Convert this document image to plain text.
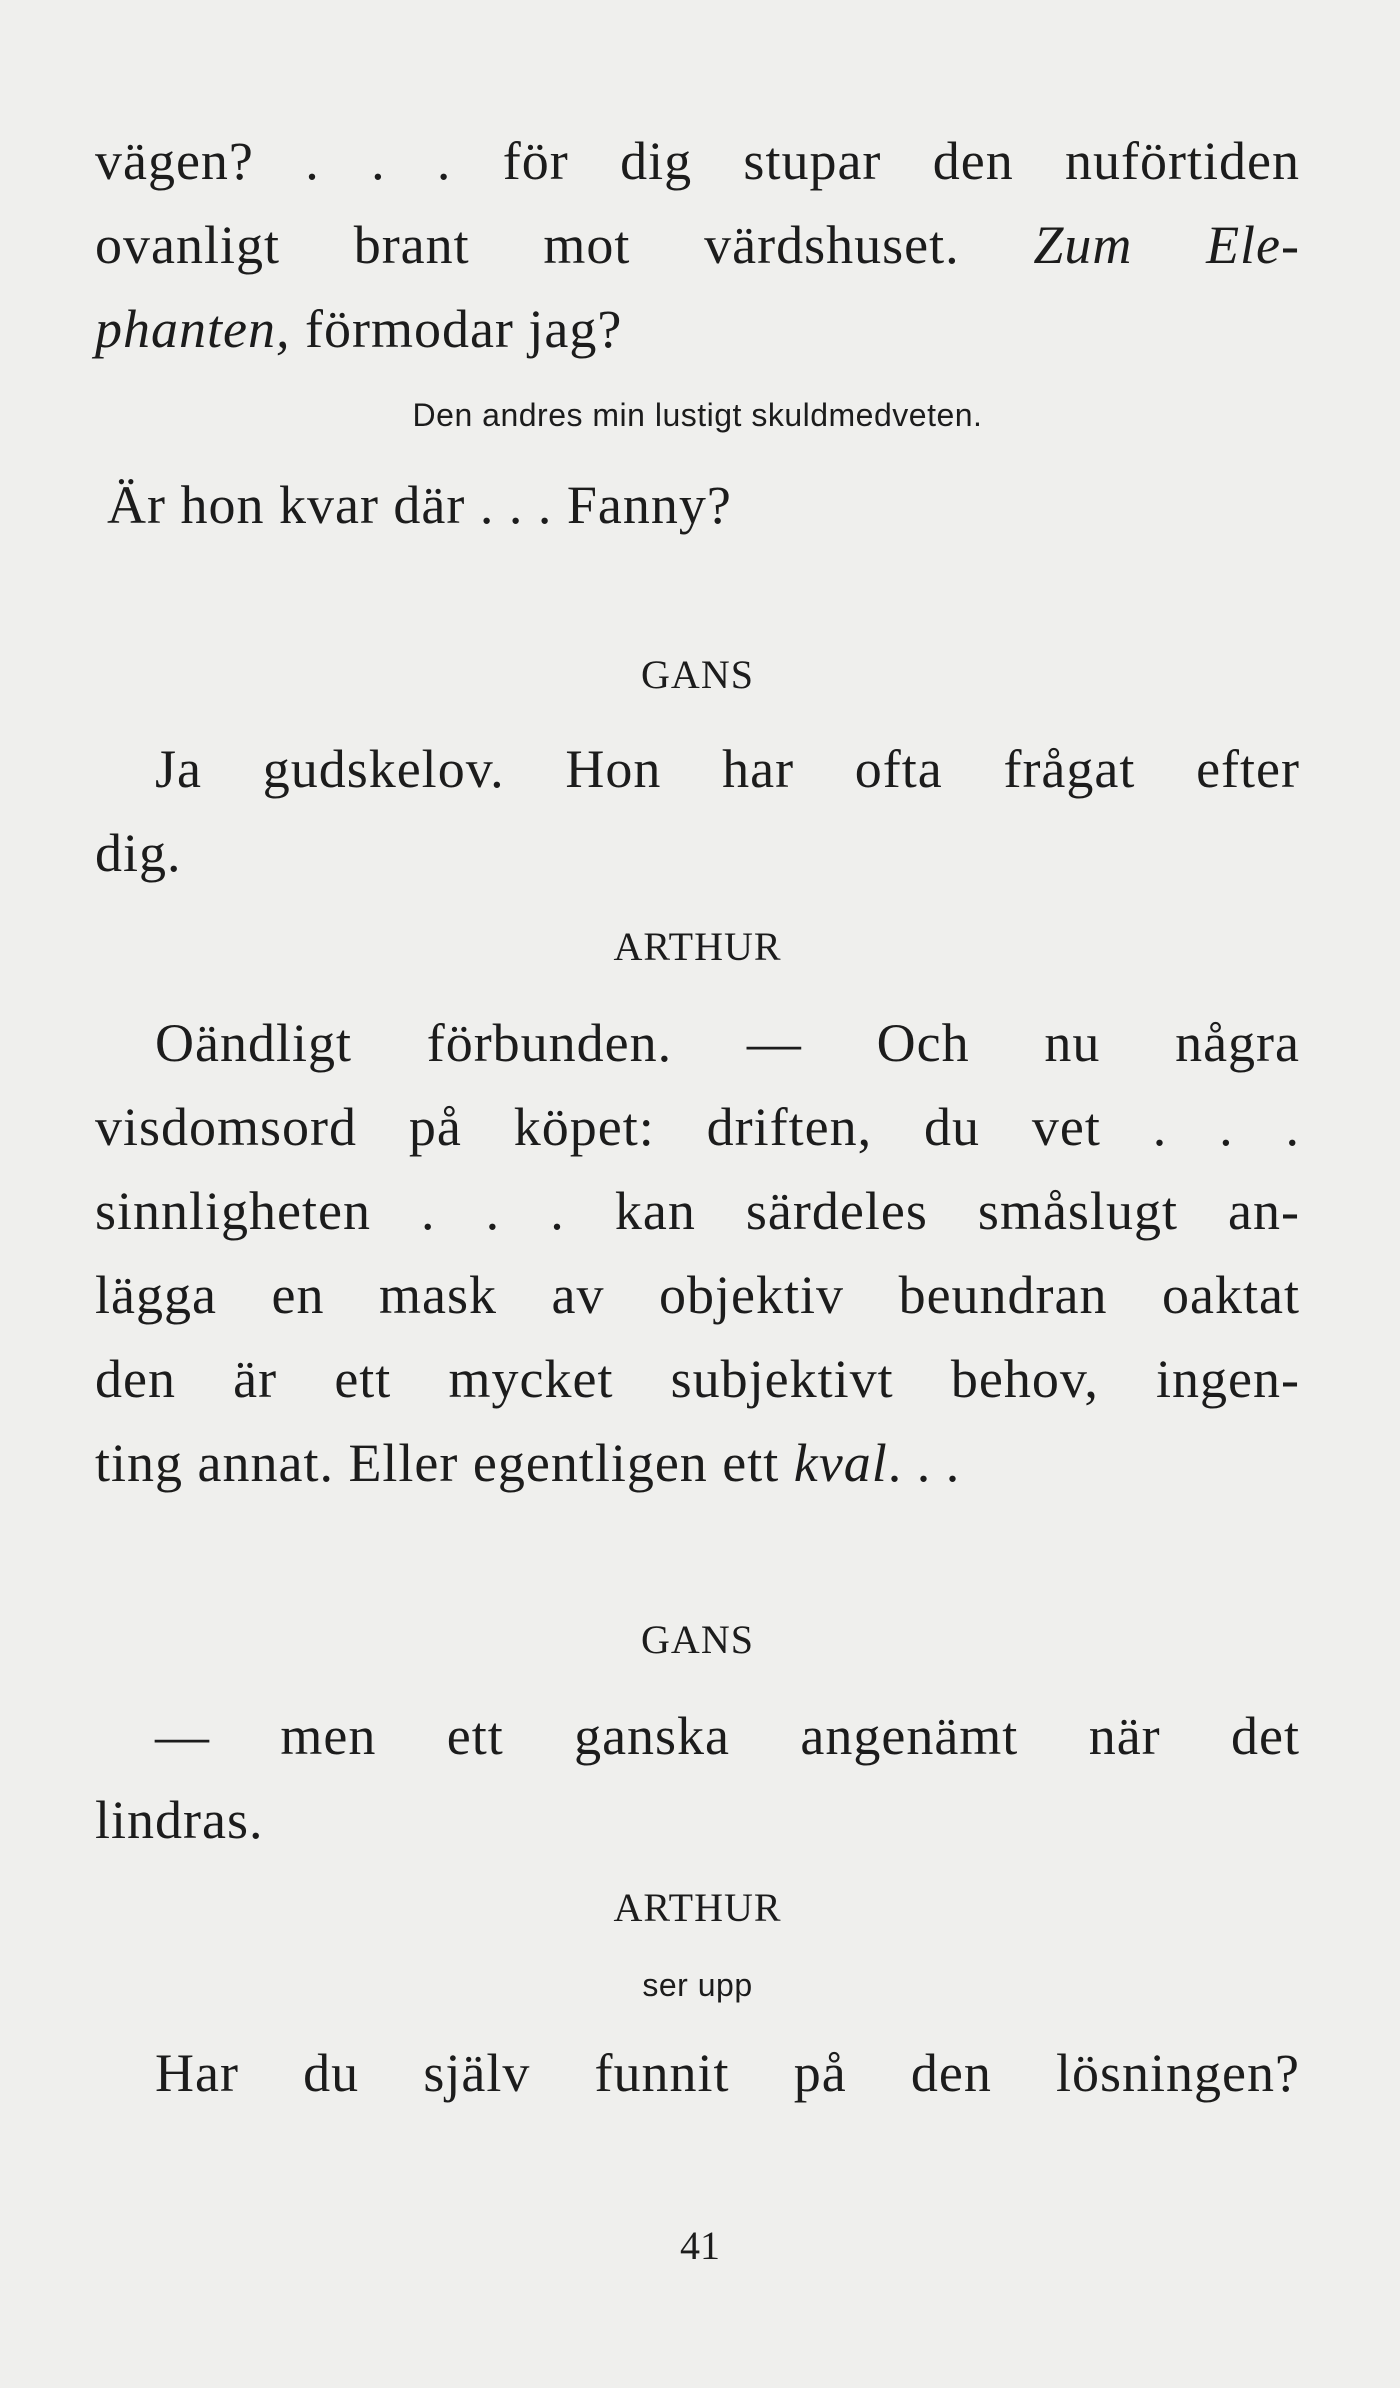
vägen? . . . för dig stupar den nuförtiden
ovanligt brant mot värdshuset. Zum Ele-
phanten, förmodar jag?
Den andres min lustigt skuldmedveten.
Är hon kvar där . . . Fanny?
GANS
Ja gudskelov. Hon har ofta frågat efter
dig.
ARTHUR
Oändligt förbunden. — Och nu några
visdomsord på köpet: driften, du vet . . .
sinnligheten . . . kan särdeles småslugt an-
lägga en mask av objektiv beundran oaktat
den är ett mycket subjektivt behov, ingen-
ting annat. Eller egentligen ett kval. . .
GANS
— men ett ganska angenämt när det
lindras.
ARTHUR
ser upp
Har du själv funnit på den lösningen?
41
